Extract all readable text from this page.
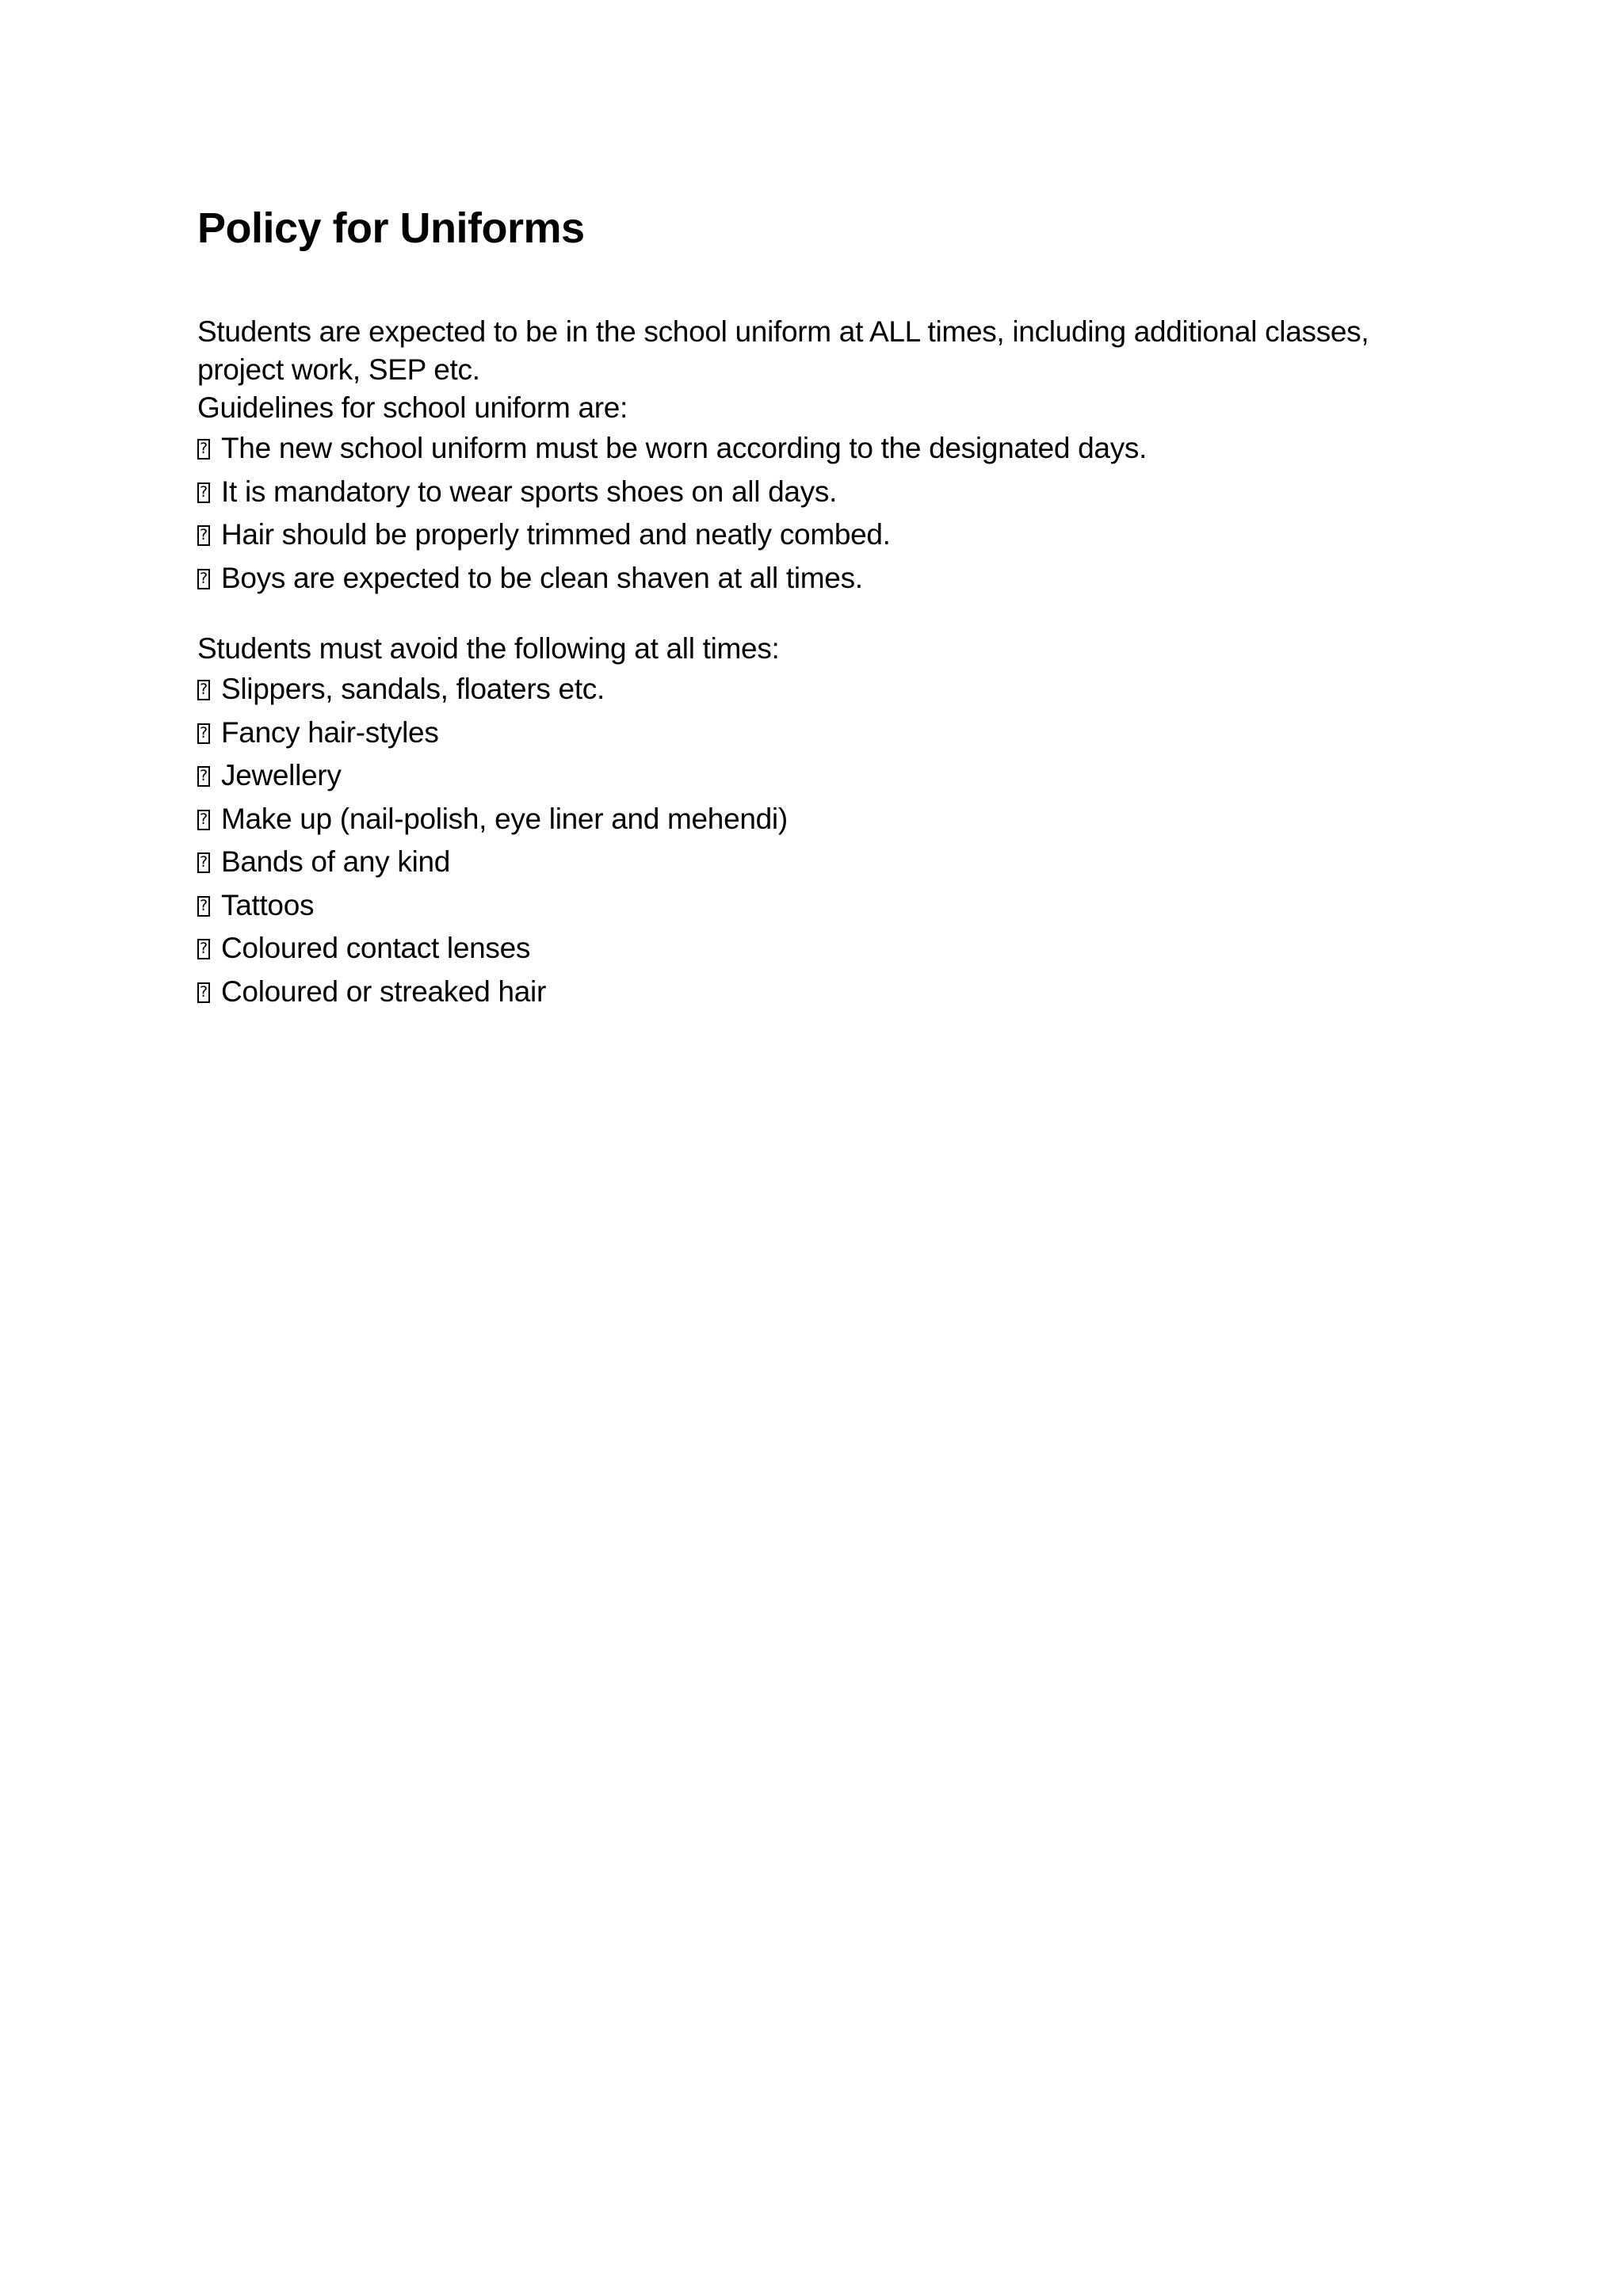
Policy for Uniforms

Students are expected to be in the school uniform at ALL times, including additional classes,

project work, SEP etc.

Guidelines for school uniform are:

?
The new school uniform must be worn according to the designated days.
?
It is mandatory to wear sports shoes on all days.
?
Hair should be properly trimmed and neatly combed.
?
Boys are expected to be clean shaven at all times.

Students must avoid the following at all times:

?
Slippers, sandals, floaters etc.
?
Fancy hair-styles
?
Jewellery
?
Make up (nail-polish, eye liner and mehendi)
?
Bands of any kind
?
Tattoos
?
Coloured contact lenses
?
Coloured or streaked hair
